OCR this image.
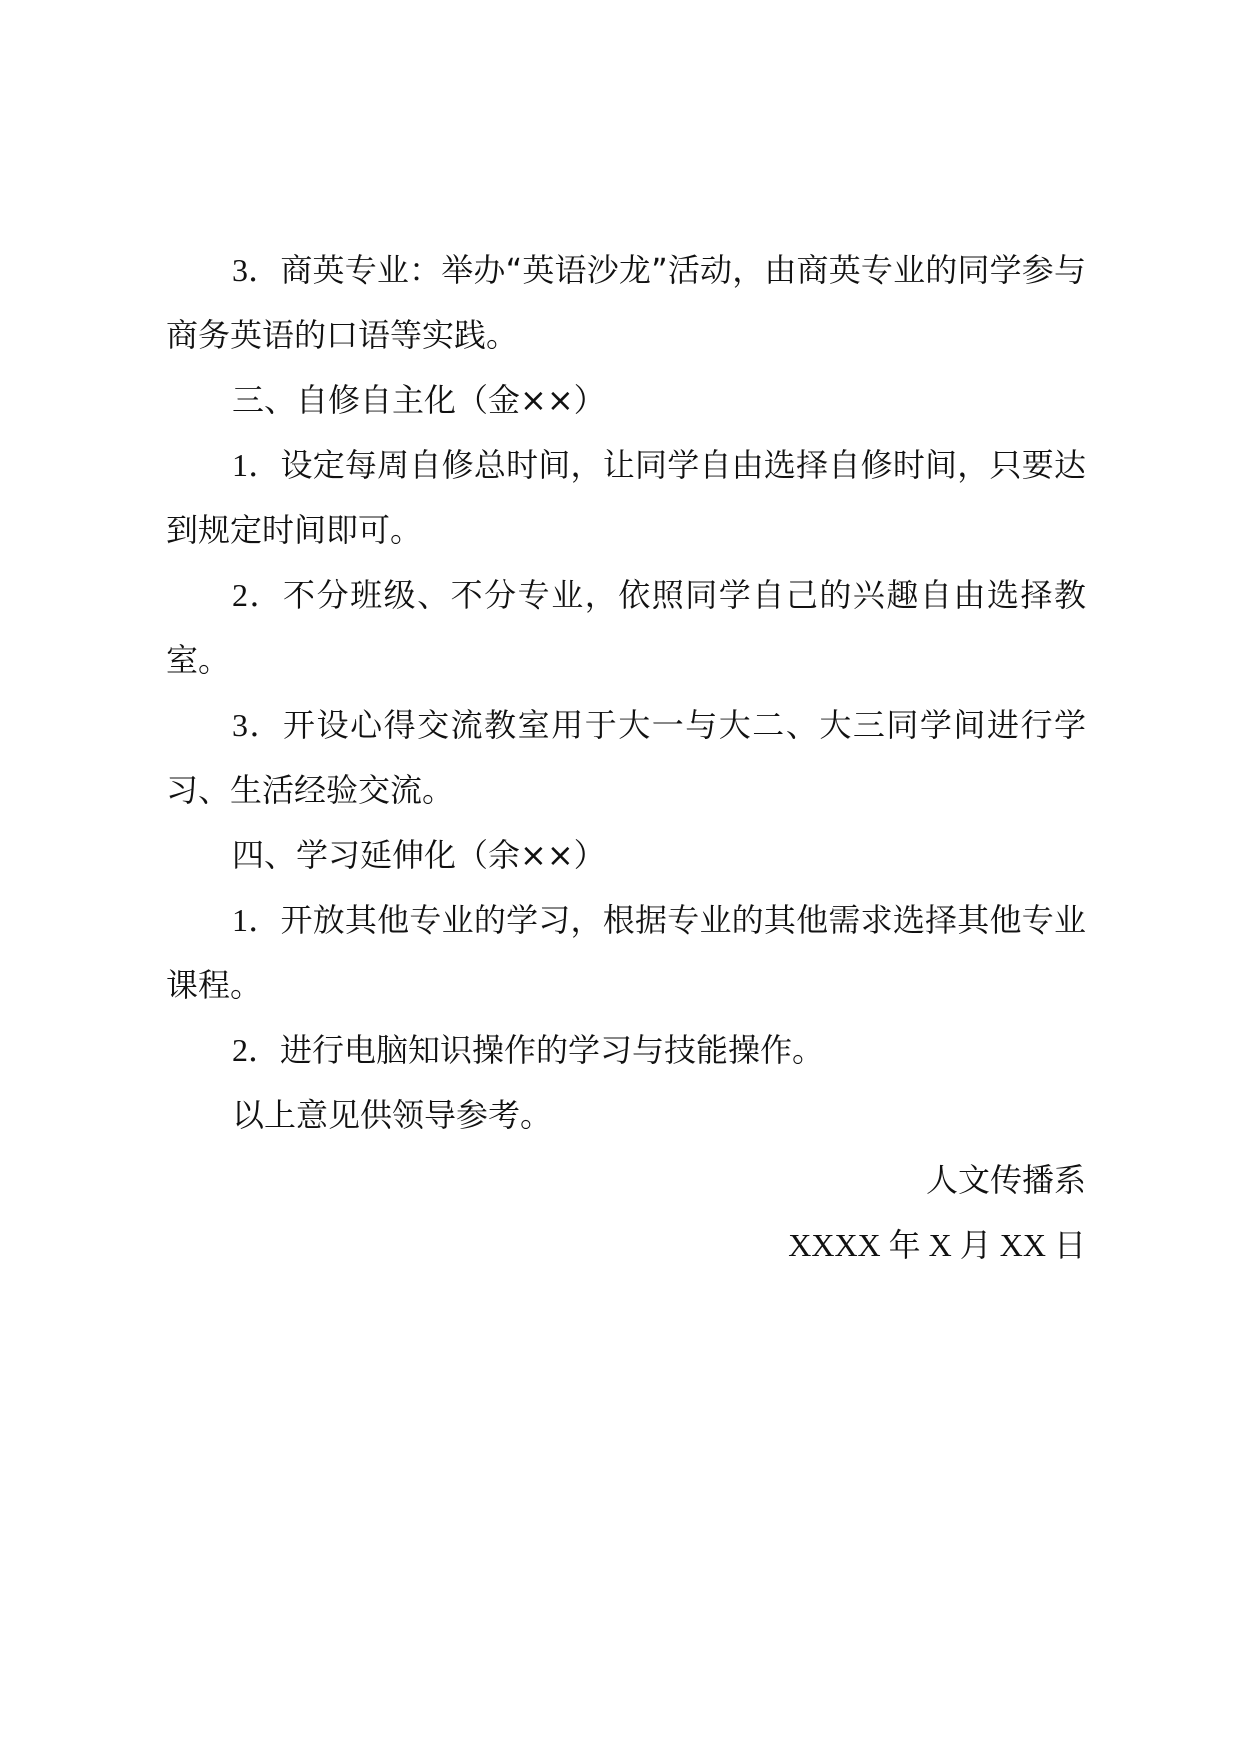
3．商英专业：举办“英语沙龙”活动，由商英专业的同学参与商务英语的口语等实践。

三、自修自主化（金××）

1．设定每周自修总时间，让同学自由选择自修时间，只要达到规定时间即可。

2．不分班级、不分专业，依照同学自己的兴趣自由选择教室。

3．开设心得交流教室用于大一与大二、大三同学间进行学习、生活经验交流。

四、学习延伸化（余××）

1．开放其他专业的学习，根据专业的其他需求选择其他专业课程。

2．进行电脑知识操作的学习与技能操作。

以上意见供领导参考。

人文传播系

XXXX 年 X 月 XX 日
